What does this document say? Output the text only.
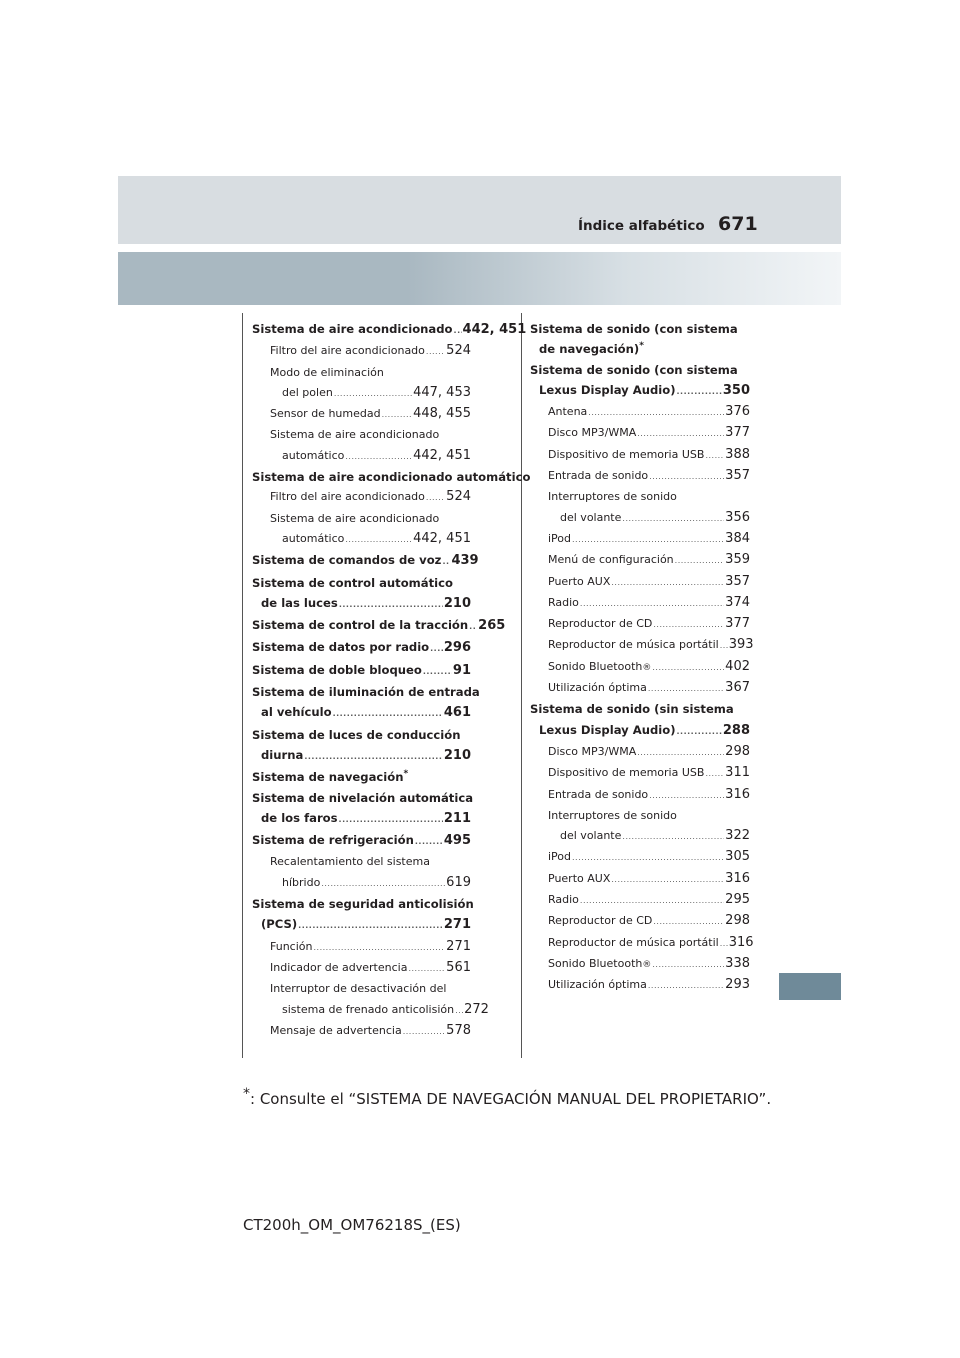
Índice alfabético 671
Sistema de aire acondicionado ..... 442, 451
Filtro del aire acondicionado ..... 524
Modo de eliminación
del polen .....	447, 453
Sensor de humedad .....	448, 455
Sistema de aire acondicionado
automático .....	442, 451
Sistema de aire acondicionado automático
Filtro del aire acondicionado ..... 524
Sistema de aire acondicionado
automático .....	442, 451
Sistema de comandos de voz ..... 439
Sistema de control automático
de las luces .....	210
Sistema de control de la tracción ..... 265
Sistema de datos por radio ..... 296
Sistema de doble bloqueo ..... 91
Sistema de iluminación de entrada
al vehículo .....	461
Sistema de luces de conducción
diurna .....	210
Sistema de navegación*
Sistema de nivelación automática
de los faros .....	211
Sistema de refrigeración ..... 495
Recalentamiento del sistema
híbrido .....	619
Sistema de seguridad anticolisión
(PCS) .....	271
Función .....	271
Indicador de advertencia .....	561
Interruptor de desactivación del
sistema de frenado anticolisión ..... 272
Mensaje de advertencia .....	578
Sistema de sonido (con sistema
de navegación)*
Sistema de sonido (con sistema
Lexus Display Audio) .....	350
Antena .....	376
Disco MP3/WMA .....	377
Dispositivo de memoria USB ..... 388
Entrada de sonido .....	357
Interruptores de sonido
del volante .....	356
iPod .....	384
Menú de configuración .....	359
Puerto AUX .....	357
Radio .....	374
Reproductor de CD .....	377
Reproductor de música portátil ..... 393
Sonido Bluetooth ® .....	402
Utilización óptima .....	367
Sistema de sonido (sin sistema
Lexus Display Audio) .....	288
Disco MP3/WMA .....	298
Dispositivo de memoria USB ..... 311
Entrada de sonido .....	316
Interruptores de sonido
del volante .....	322
iPod .....	305
Puerto AUX .....	316
Radio .....	295
Reproductor de CD .....	298
Reproductor de música portátil ..... 316
Sonido Bluetooth ® .....	338
Utilización óptima .....	293
*: Consulte el “SISTEMA DE NAVEGACIÓN MANUAL DEL PROPIETARIO”.
CT200h_OM_OM76218S_(ES)
